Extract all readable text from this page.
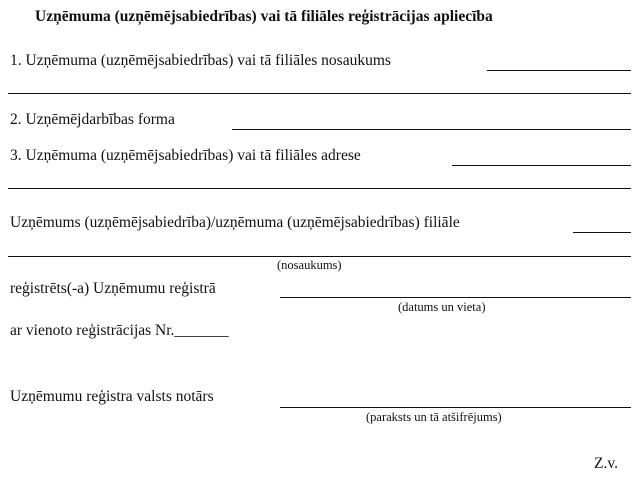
Uzņēmuma (uzņēmējsabiedrības) vai tā filiāles reģistrācijas apliecība
1. Uzņēmuma (uzņēmējsabiedrības) vai tā filiāles nosaukums
2. Uzņēmējdarbības forma
3. Uzņēmuma (uzņēmējsabiedrības) vai tā filiāles adrese
Uzņēmums (uzņēmējsabiedrība)/uzņēmuma (uzņēmējsabiedrības) filiāle
(nosaukums)
reģistrēts(-a) Uzņēmumu reģistrā
(datums un vieta)
ar vienoto reģistrācijas Nr._______
Uzņēmumu reģistra valsts notārs
(paraksts un tā atšifrējums)
Z.v.
